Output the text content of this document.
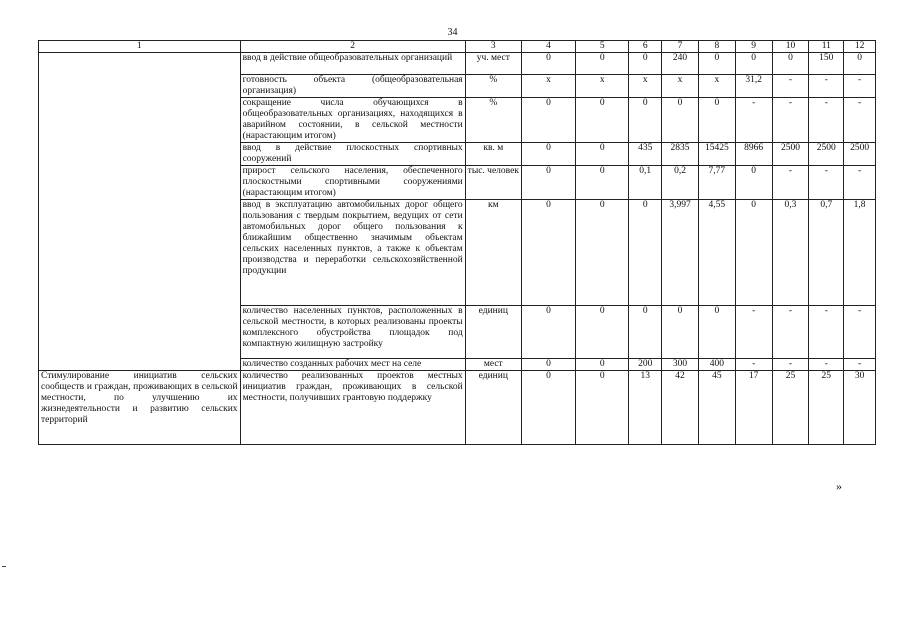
34
1	2	3	4	5	6	7	8	9	10	11	12
	ввод в действие общеобразовательных организаций	уч. мест	0	0	0	240	0	0	0	150	0
	готовность объекта (общеобразовательная организация)	%	х	х	х	х	х	31,2	-	-	-
	сокращение числа обучающихся в общеобразовательных организациях, находящихся в аварийном состоянии, в сельской местности (нарастающим итогом)	%	0	0	0	0	0	-	-	-	-
	ввод в действие плоскостных спортивных сооружений	кв. м	0	0	435	2835	15425	8966	2500	2500	2500
	прирост сельского населения, обеспеченного плоскостными спортивными сооружениями (нарастающим итогом)	тыс. человек	0	0	0,1	0,2	7,77	0	-	-	-
	ввод в эксплуатацию автомобильных дорог общего пользования с твердым покрытием, ведущих от сети автомобильных дорог общего пользования к ближайшим общественно значимым объектам сельских населенных пунктов, а также к объектам производства и переработки сельскохозяйственной продукции	км	0	0	0	3,997	4,55	0	0,3	0,7	1,8
	количество населенных пунктов, расположенных в сельской местности, в которых реализованы проекты комплексного обустройства площадок под компактную жилищную застройку	единиц	0	0	0	0	0	-	-	-	-
	количество созданных рабочих мест на селе	мест	0	0	200	300	400	-	-	-	-
Стимулирование инициатив сельских сообществ и граждан, проживающих в сельской местности, по улучшению их жизнедеятельности и развитию сельских территорий	количество реализованных проектов местных инициатив граждан, проживающих в сельской местности, получивших грантовую поддержку	единиц	0	0	13	42	45	17	25	25	30
»
